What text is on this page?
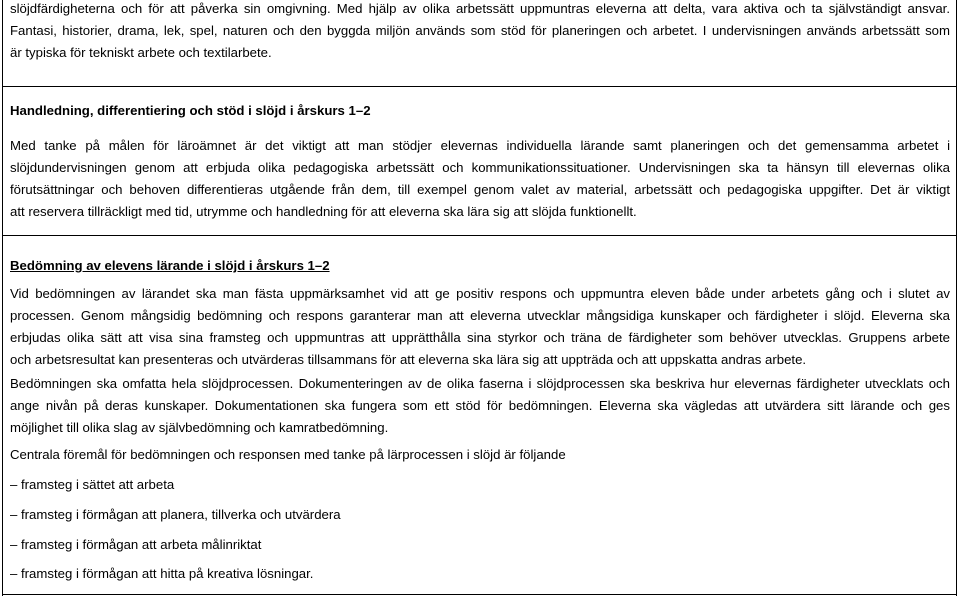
slöjdfärdigheterna och för att påverka sin omgivning. Med hjälp av olika arbetssätt uppmuntras eleverna att delta, vara aktiva och ta självständigt ansvar.
Fantasi, historier, drama, lek, spel, naturen och den byggda miljön används som stöd för planeringen och arbetet. I undervisningen används arbetssätt som
är typiska för tekniskt arbete och textilarbete.
Handledning, differentiering och stöd i slöjd i årskurs 1–2
Med tanke på målen för läroämnet är det viktigt att man stödjer elevernas individuella lärande samt planeringen och det gemensamma arbetet i
slöjdundervisningen genom att erbjuda olika pedagogiska arbetssätt och kommunikationssituationer. Undervisningen ska ta hänsyn till elevernas olika
förutsättningar och behoven differentieras utgående från dem, till exempel genom valet av material, arbetssätt och pedagogiska uppgifter. Det är viktigt
att reservera tillräckligt med tid, utrymme och handledning för att eleverna ska lära sig att slöjda funktionellt.
Bedömning av elevens lärande i slöjd i årskurs 1–2
Vid bedömningen av lärandet ska man fästa uppmärksamhet vid att ge positiv respons och uppmuntra eleven både under arbetets gång och i slutet av
processen. Genom mångsidig bedömning och respons garanterar man att eleverna utvecklar mångsidiga kunskaper och färdigheter i slöjd. Eleverna ska
erbjudas olika sätt att visa sina framsteg och uppmuntras att upprätthålla sina styrkor och träna de färdigheter som behöver utvecklas. Gruppens arbete
och arbetsresultat kan presenteras och utvärderas tillsammans för att eleverna ska lära sig att uppträda och att uppskatta andras arbete.
Bedömningen ska omfatta hela slöjdprocessen. Dokumenteringen av de olika faserna i slöjdprocessen ska beskriva hur elevernas färdigheter utvecklats och
ange nivån på deras kunskaper. Dokumentationen ska fungera som ett stöd för bedömningen. Eleverna ska vägledas att utvärdera sitt lärande och ges
möjlighet till olika slag av självbedömning och kamratbedömning.
Centrala föremål för bedömningen och responsen med tanke på lärprocessen i slöjd är följande
– framsteg i sättet att arbeta
– framsteg i förmågan att planera, tillverka och utvärdera
– framsteg i förmågan att arbeta målinriktat
– framsteg i förmågan att hitta på kreativa lösningar.
